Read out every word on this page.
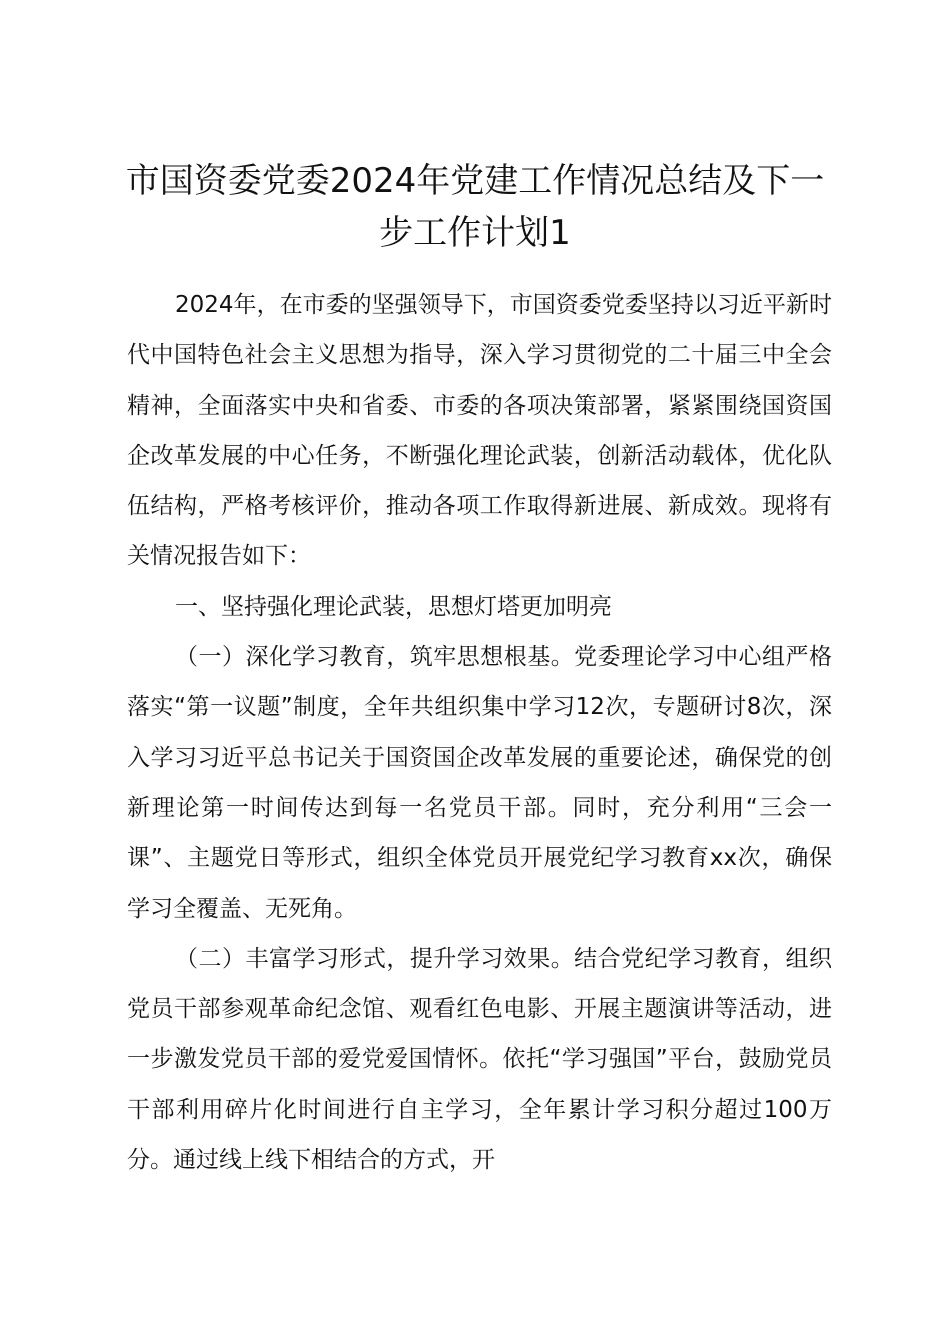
市国资委党委2024年党建工作情况总结及下一步工作计划1

2024年，在市委的坚强领导下，市国资委党委坚持以习近平新时代中国特色社会主义思想为指导，深入学习贯彻党的二十届三中全会精神，全面落实中央和省委、市委的各项决策部署，紧紧围绕国资国企改革发展的中心任务，不断强化理论武装，创新活动载体，优化队伍结构，严格考核评价，推动各项工作取得新进展、新成效。现将有关情况报告如下：

一、坚持强化理论武装，思想灯塔更加明亮

（一）深化学习教育，筑牢思想根基。党委理论学习中心组严格落实“第一议题”制度，全年共组织集中学习12次，专题研讨8次，深入学习习近平总书记关于国资国企改革发展的重要论述，确保党的创新理论第一时间传达到每一名党员干部。同时，充分利用“三会一课”、主题党日等形式，组织全体党员开展党纪学习教育xx次，确保学习全覆盖、无死角。

（二）丰富学习形式，提升学习效果。结合党纪学习教育，组织党员干部参观革命纪念馆、观看红色电影、开展主题演讲等活动，进一步激发党员干部的爱党爱国情怀。依托“学习强国”平台，鼓励党员干部利用碎片化时间进行自主学习，全年累计学习积分超过100万分。通过线上线下相结合的方式，开
